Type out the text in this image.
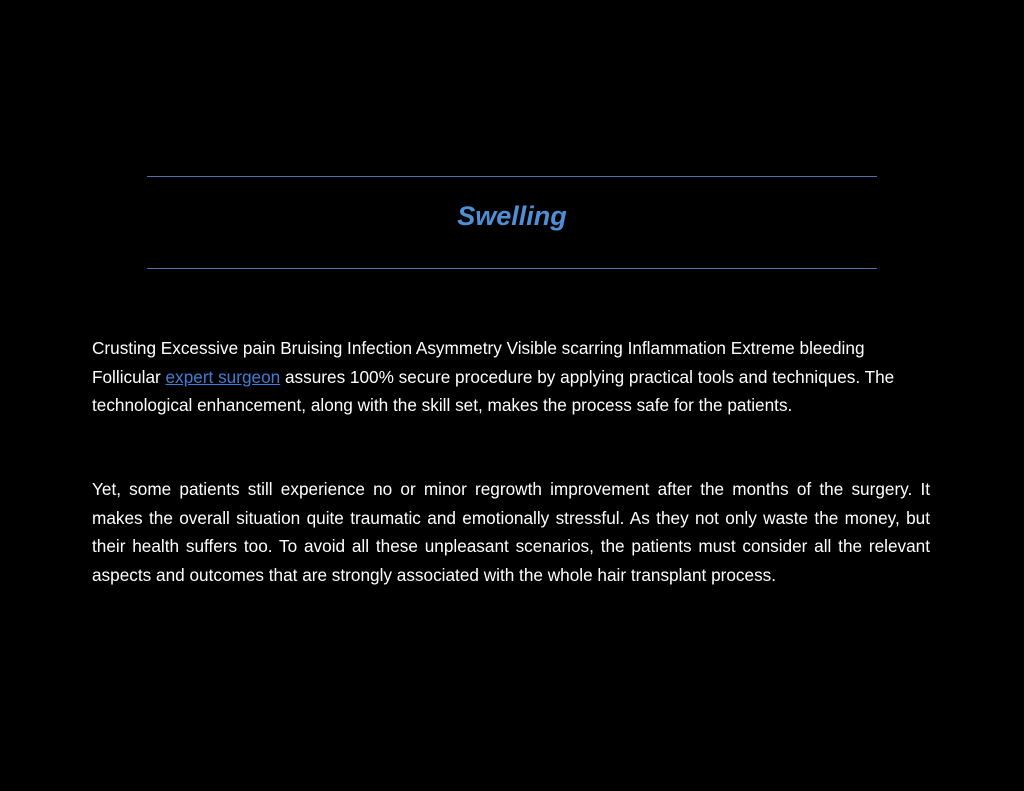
Swelling

Crusting Excessive pain Bruising Infection Asymmetry Visible scarring Inflammation Extreme bleeding
Follicular expert surgeon assures 100% secure procedure by applying practical tools and techniques. The technological enhancement, along with the skill set, makes the process safe for the patients.

Yet, some patients still experience no or minor regrowth improvement after the months of the surgery. It makes the overall situation quite traumatic and emotionally stressful. As they not only waste the money, but their health suffers too. To avoid all these unpleasant scenarios, the patients must consider all the relevant aspects and outcomes that are strongly associated with the whole hair transplant process.
